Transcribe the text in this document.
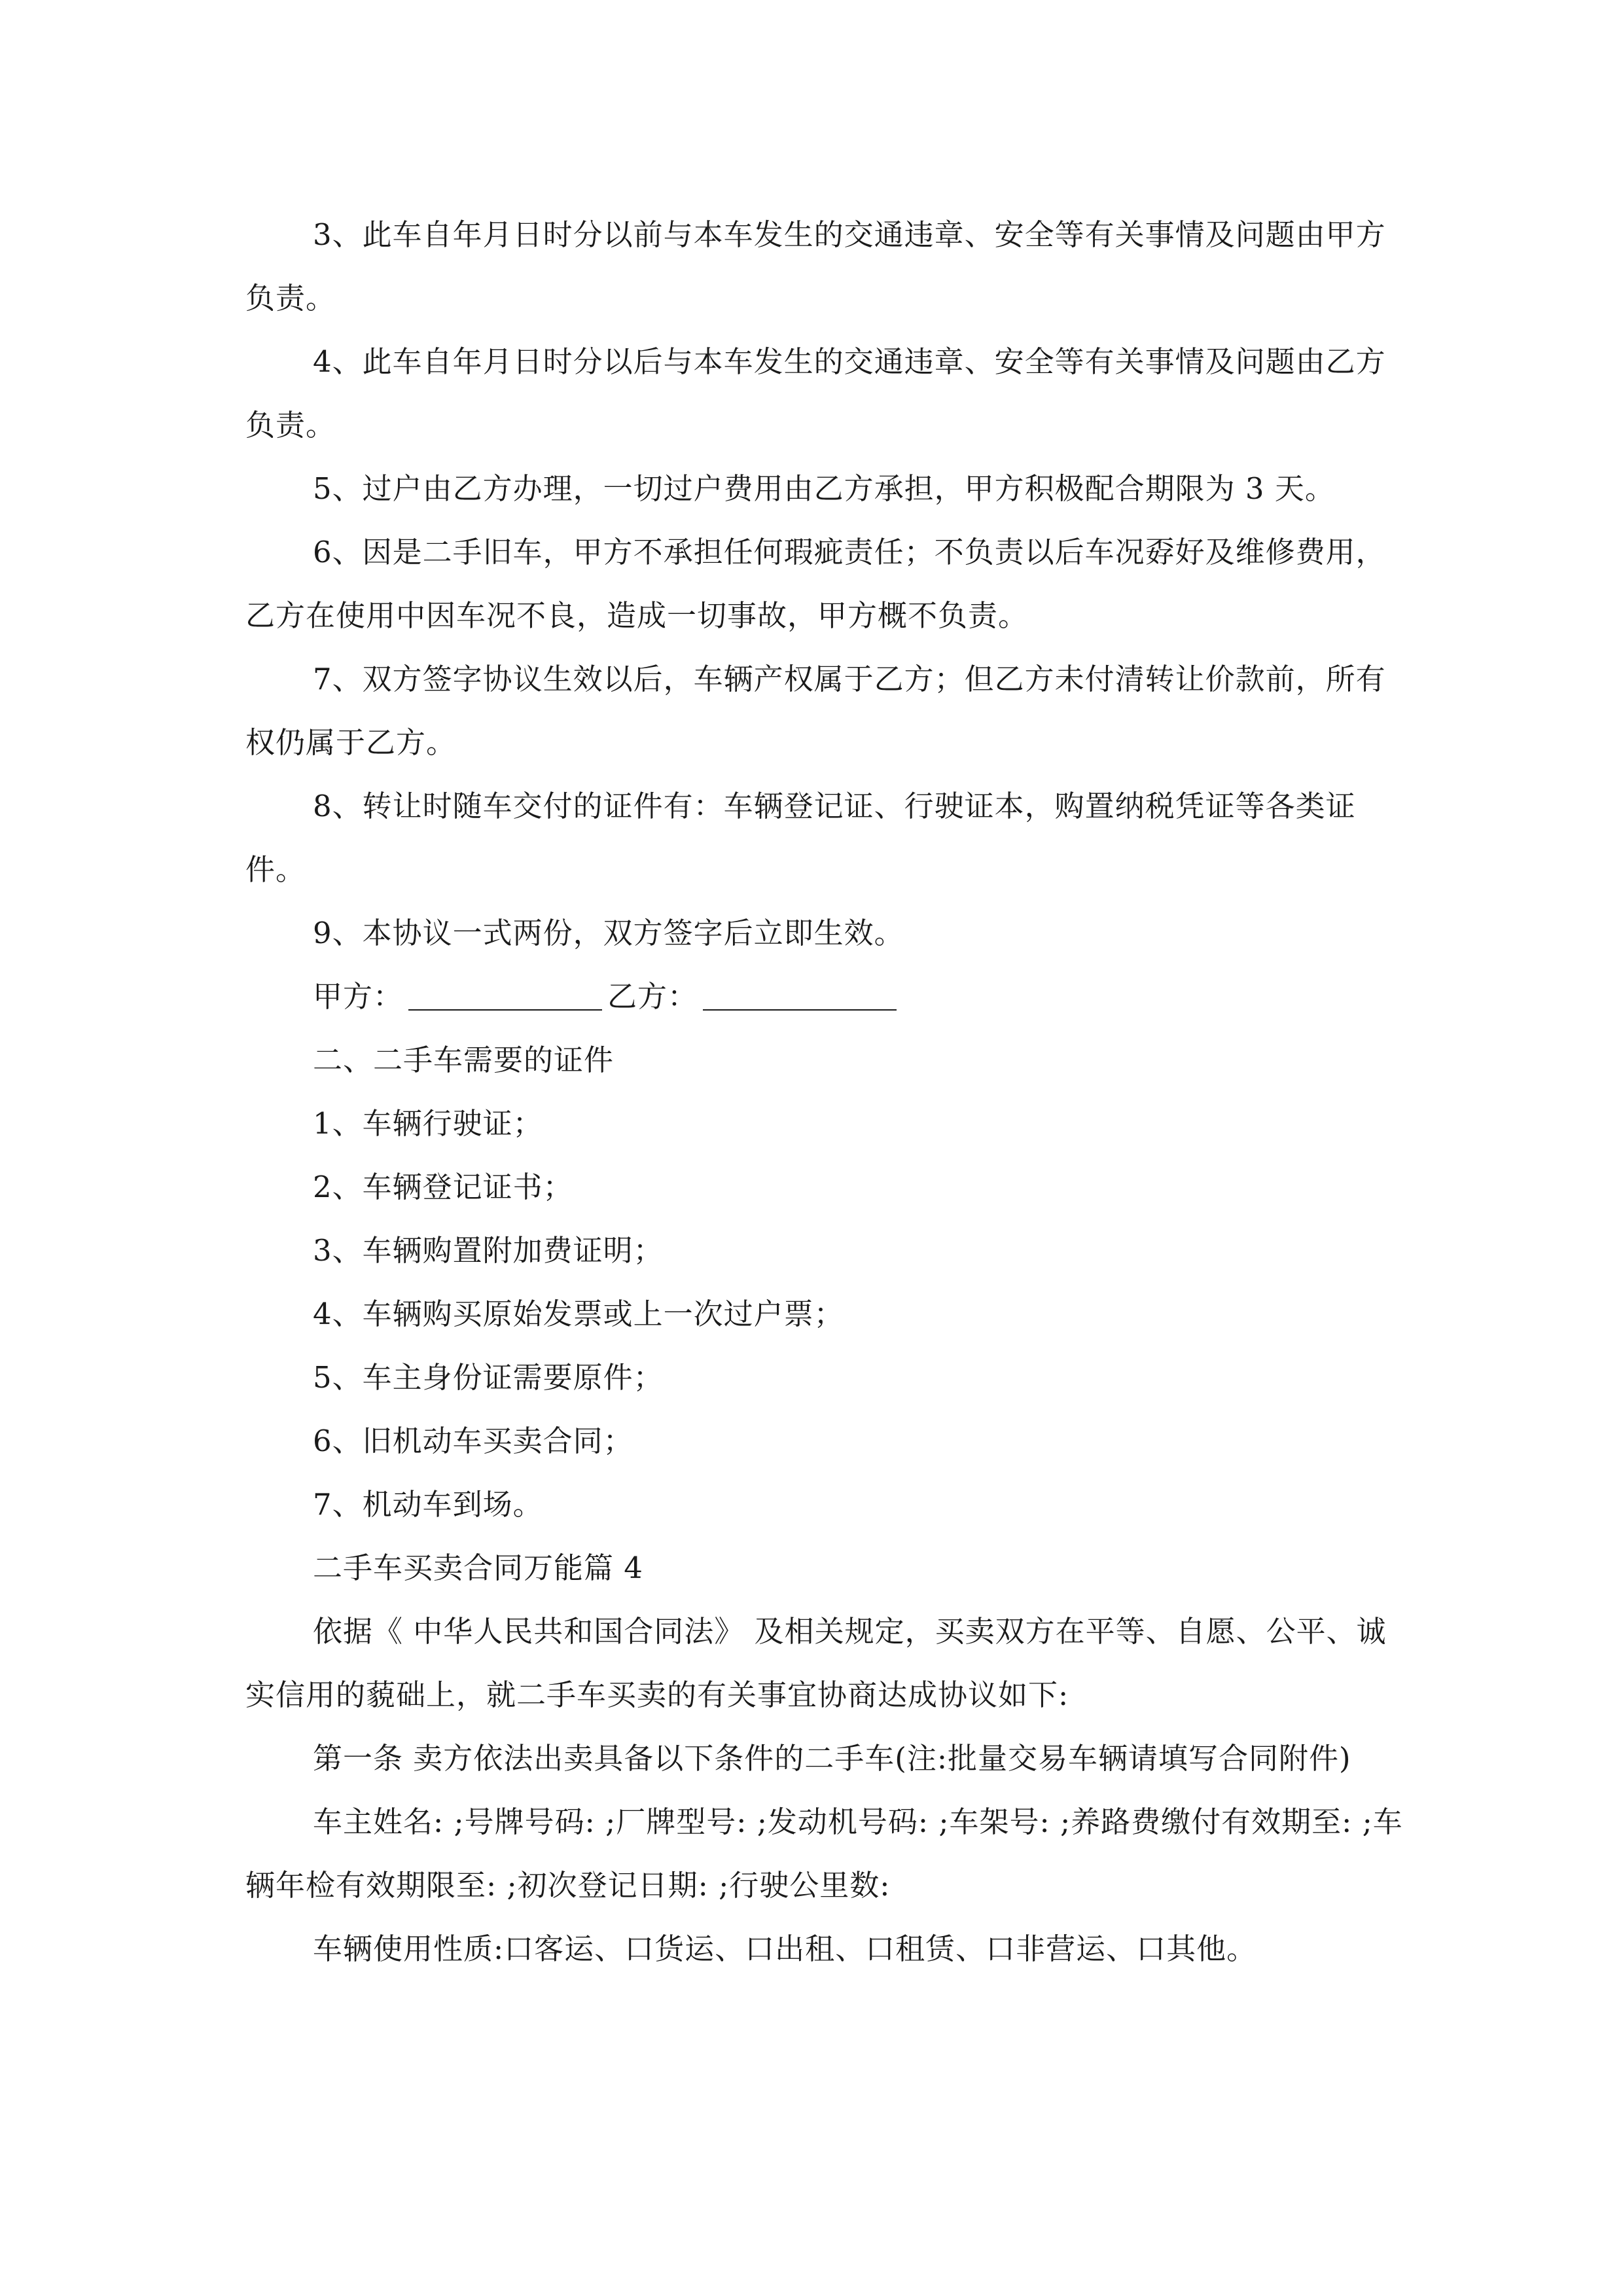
3、此车自年月日时分以前与本车发生的交通违章、安全等有关事情及问题由甲方负责。

4、此车自年月日时分以后与本车发生的交通违章、安全等有关事情及问题由乙方负责。

5、过户由乙方办理，一切过户费用由乙方承担，甲方积极配合期限为 3 天。

6、因是二手旧车，甲方不承担任何瑕疵责任；不负责以后车况孬好及维修费用，乙方在使用中因车况不良，造成一切事故，甲方概不负责。

7、双方签字协议生效以后，车辆产权属于乙方；但乙方未付清转让价款前，所有权仍属于乙方。

8、转让时随车交付的证件有：车辆登记证、行驶证本，购置纳税凭证等各类证件。

9、本协议一式两份，双方签字后立即生效。

甲方：	乙方：

二、二手车需要的证件

1、车辆行驶证；

2、车辆登记证书；

3、车辆购置附加费证明；

4、车辆购买原始发票或上一次过户票；

5、车主身份证需要原件；

6、旧机动车买卖合同；

7、机动车到场。

二手车买卖合同万能篇 4

依据《 中华人民共和国合同法》 及相关规定，买卖双方在平等、自愿、公平、诚实信用的藐础上，就二手车买卖的有关事宜协商达成协议如下:

第一条 卖方依法出卖具备以下条件的二手车(注:批量交易车辆请填写合同附件)

车主姓名: ;号牌号码: ;厂牌型号: ;发动机号码: ;车架号: ;养路费缴付有效期至: ;车辆年检有效期限至: ;初次登记日期: ;行驶公里数:

车辆使用性质:口客运、口货运、口出租、口租赁、口非营运、口其他。
